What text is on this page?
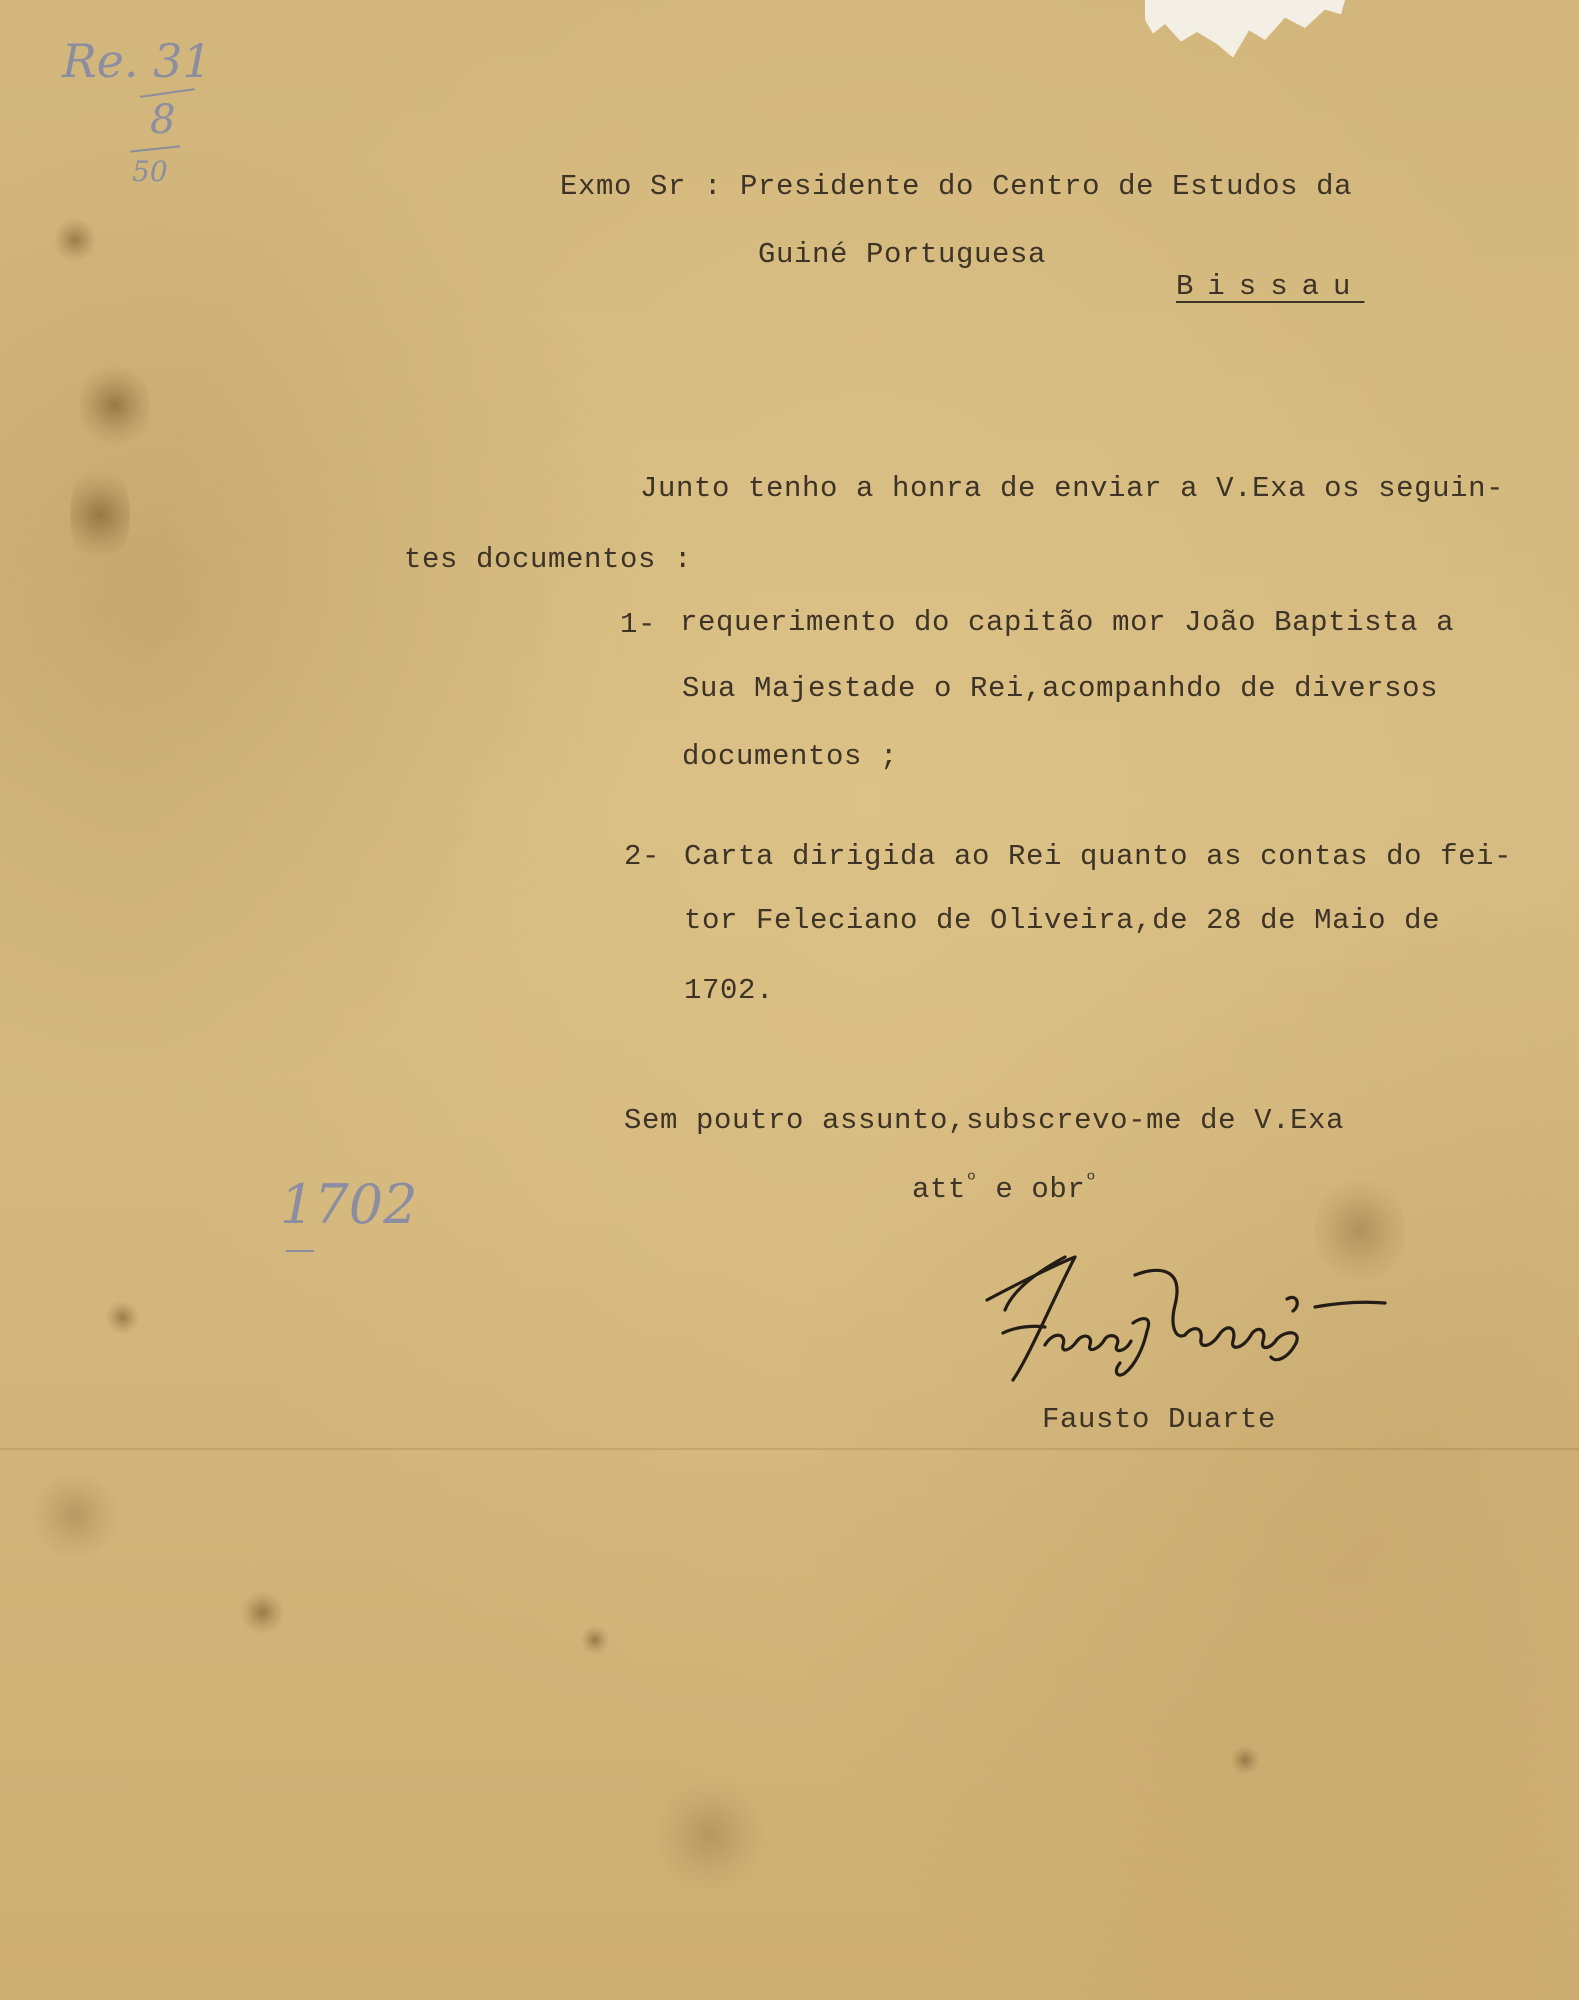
Re. 31
8
50
1702
Exmo Sr : Presidente do Centro de Estudos da
Guiné Portuguesa
Bissau
Junto tenho a honra de enviar a V.Exa os seguin-
tes documentos :
1- requerimento do capitão mor João Baptista a
Sua Majestade o Rei,acompanhdo de diversos
documentos ;
2- Carta dirigida ao Rei quanto as contas do fei-
tor Feleciano de Oliveira,de 28 de Maio de
1702.
Sem poutro assunto,subscrevo-me de V.Exa
att$^º$ e obr$^º$
Fausto Duarte
